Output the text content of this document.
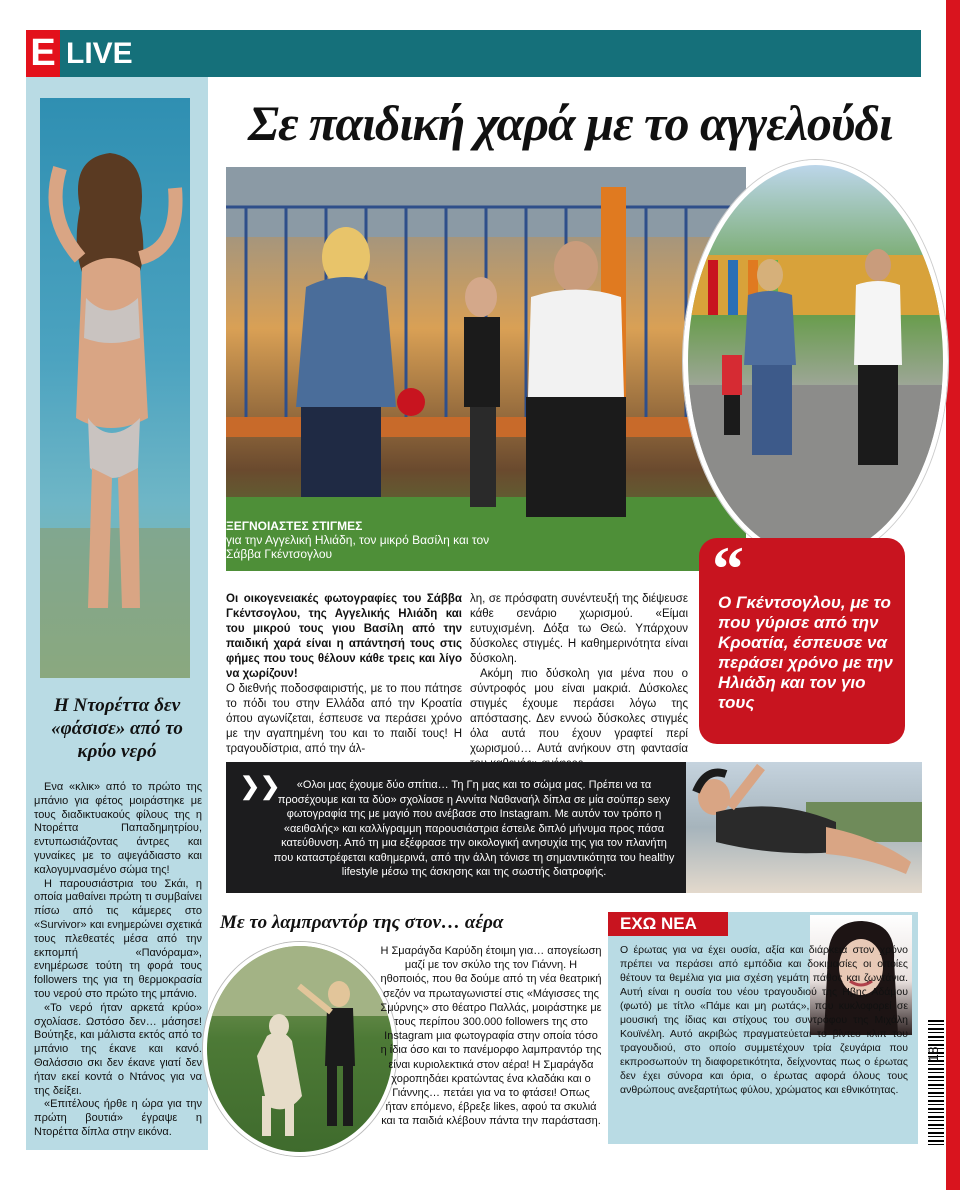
E LIVE
Σε παιδική χαρά με το αγγελούδι
ΞΕΓΝΟΙΑΣΤΕΣ ΣΤΙΓΜΕΣ
για την Αγγελική Ηλιάδη, τον μικρό Βασίλη και τον Σάββα Γκέντσογλου	“
Ο Γκέντσογλου, με το που γύρισε από την Κροατία, έσπευσε να περάσει χρόνο με την Ηλιάδη και τον γιο τους
Οι οικογενειακές φωτογραφίες του Σάββα Γκέντσογλου, της Αγγελικής Ηλιάδη και του μικρού τους γιου Βασίλη από την παιδική χαρά είναι η απάντησή τους στις φήμες που τους θέλουν κάθε τρεις και λίγο να χωρίζουν!
Ο διεθνής ποδοσφαιριστής, με το που πάτησε το πόδι του στην Ελλάδα από την Κροατία όπου αγωνίζεται, έσπευσε να περάσει χρόνο με την αγαπημένη του και το παιδί τους! Η τραγουδίστρια, από την άλ-
λη, σε πρόσφατη συνέντευξή της διέψευσε κάθε σενάριο χωρισμού. «Είμαι ευτυχισμένη. Δόξα τω Θεώ. Υπάρχουν δύσκολες στιγμές. Η καθημερινότητα είναι δύσκολη.
Ακόμη πιο δύσκολη για μένα που ο σύντροφός μου είναι μακριά. Δύσκολες στιγμές έχουμε περάσει λόγω της απόστασης. Δεν εννοώ δύσκολες στιγμές όλα αυτά που έχουν γραφτεί περί χωρισμού… Αυτά ανήκουν στη φαντασία
Η Ντορέττα δεν «φάσισε» από το κρύο νερό

Ενα «κλικ» από το πρώτο της μπάνιο για φέτος μοιράστηκε με τους διαδικτυακούς φίλους της η Ντορέττα Παπαδημητρίου, εντυπωσιάζοντας άντρες και γυναίκες με το αψεγάδιαστο και καλογυμνασμένο σώμα της!

Η παρουσιάστρια του Σκάι, η οποία μαθαίνει πρώτη τι συμβαίνει πίσω από τις κάμερες στο «Survivor» και ενημερώνει σχετικά τους πλεθεατές μέσα από την εκπομπή «Πανόραμα», ενημέρωσε τούτη τη φορά τους followers της για τη θερμοκρασία του νερού στο πρώτο της μπάνιο.

«Το νερό ήταν αρκετά κρύο» σχολίασε. Ωστόσο δεν… μάσησε! Βούτηξε, και μάλιστα εκτός από το μπάνιο της έκανε και κανό. Θαλάσσιο σκι δεν έκανε γιατί δεν ήταν εκεί κοντά ο Ντάνος για να της δείξει.

«Επιτέλους ήρθε η ώρα για την πρώτη βουτιά» έγραψε η Ντορέττα δίπλα στην εικόνα.

❯❯	«Ολοι μας έχουμε δύο σπίτια… Τη Γη μας και το σώμα μας. Πρέπει να τα προσέχουμε και τα δύο» σχολίασε η Αννίτα Ναθαναήλ δίπλα σε μία σούπερ sexy φωτογραφία της με μαγιό που ανέβασε στο Instagram. Με αυτόν τον τρόπο η «αειθαλής» και καλλίγραμμη παρουσιάστρια έστειλε διπλό μήνυμα προς πάσα κατεύθυνση. Από τη μια εξέφρασε την οικολογική ανησυχία της για τον πλανήτη που καταστρέφεται καθημερινά, από την άλλη τόνισε τη σημαντικότητα του healthy lifestyle μέσω της άσκησης και της σωστής διατροφής.
Με το λαμπραντόρ της στον… αέρα
Η Σμαράγδα Καρύδη έτοιμη για… απογείωση μαζί με τον σκύλο της τον Γιάννη. Η ηθοποιός, που θα δούμε από τη νέα θεατρική σεζόν να πρωταγωνιστεί στις «Μάγισσες της Σμύρνης» στο θέατρο Παλλάς, μοιράστηκε με τους περίπου 300.000 followers της στο Instagram μια φωτογραφία στην οποία τόσο η ίδια όσο και το πανέμορφο λαμπραντόρ της είναι κυριολεκτικά στον αέρα! Η Σμαράγδα χοροπηδάει κρατώντας ένα κλαδάκι και ο Γιάννης… πετάει για να το φτάσει! Οπως ήταν επόμενο, έβρεξε likes, αφού τα σκυλιά και τα παιδιά κλέβουν πάντα την παράσταση.
ΕΧΩ ΝΕΑ
Ο έρωτας για να έχει ουσία, αξία και διάρκεια στον χρόνο πρέπει να περάσει από εμπόδια και δοκιμασίες οι οποίες θέτουν τα θεμέλια για μια σχέση γεμάτη πάθος και ζωντάνια. Αυτή είναι η ουσία του νέου τραγουδιού της Ηβης Αδάμου (φωτό) με τίτλο «Πάμε και μη ρωτάς», που κυκλοφορεί σε μουσική της ίδιας και στίχους του συντρόφου της Μιχάλη Κουϊνέλη. Αυτό ακριβώς πραγματεύεται το βίντεο κλιπ του τραγουδιού, στο οποίο συμμετέχουν τρία ζευγάρια που εκπροσωπούν τη διαφορετικότητα, δείχνοντας πως ο έρωτας δεν έχει σύνορα και όρια, ο έρωτας αφορά όλους τους ανθρώπους ανεξαρτήτως φύλου, χρώματος και εθνικότητας.
18
